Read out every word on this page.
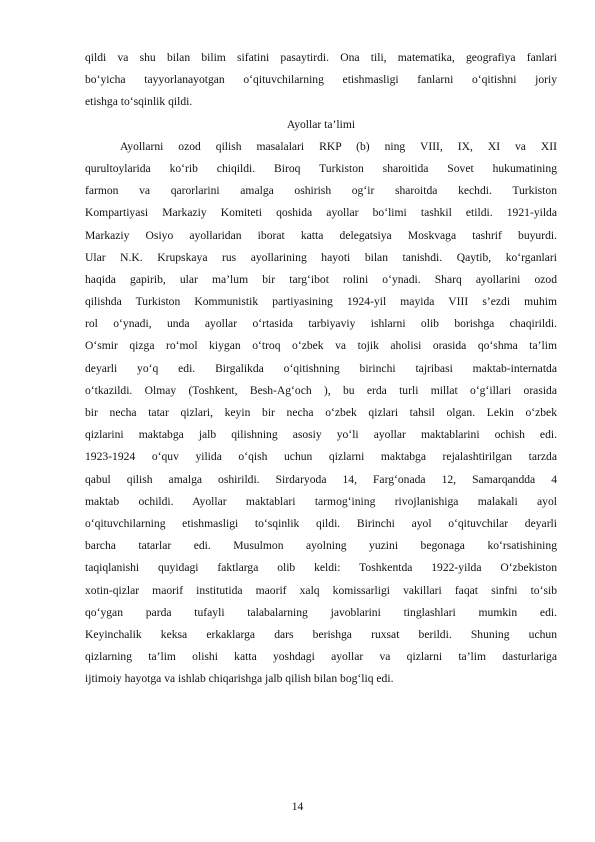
qildi va shu bilan bilim sifatini pasaytirdi. Ona tili, matematika, geografiya fanlari
bo‘yicha tayyorlanayotgan o‘qituvchilarning etishmasligi fanlarni o‘qitishni joriy
etishga to‘sqinlik qildi.
Ayollar ta’limi
Ayollarni ozod qilish masalalari RKP (b) ning VIII, IX, XI va XII
qurultoylarida ko‘rib chiqildi. Biroq Turkiston sharoitida Sovet hukumatining
farmon va qarorlarini amalga oshirish og‘ir sharoitda kechdi. Turkiston
Kompartiyasi Markaziy Komiteti qoshida ayollar bo‘limi tashkil etildi. 1921-yilda
Markaziy Osiyo ayollaridan iborat katta delegatsiya Moskvaga tashrif buyurdi.
Ular N.K. Krupskaya rus ayollarining hayoti bilan tanishdi. Qaytib, ko‘rganlari
haqida gapirib, ular ma’lum bir targ‘ibot rolini o‘ynadi. Sharq ayollarini ozod
qilishda Turkiston Kommunistik partiyasining 1924-yil mayida VIII s’ezdi muhim
rol o‘ynadi, unda ayollar o‘rtasida tarbiyaviy ishlarni olib borishga chaqirildi.
O‘smir qizga ro‘mol kiygan o‘troq o‘zbek va tojik aholisi orasida qo‘shma ta’lim
deyarli yo‘q edi. Birgalikda o‘qitishning birinchi tajribasi maktab-internatda
o‘tkazildi. Olmay (Toshkent, Besh-Ag‘och ), bu erda turli millat o‘g‘illari orasida
bir necha tatar qizlari, keyin bir necha o‘zbek qizlari tahsil olgan. Lekin o‘zbek
qizlarini maktabga jalb qilishning asosiy yo‘li ayollar maktablarini ochish edi.
1923-1924 o‘quv yilida o‘qish uchun qizlarni maktabga rejalashtirilgan tarzda
qabul qilish amalga oshirildi. Sirdaryoda 14, Farg‘onada 12, Samarqandda 4
maktab ochildi. Ayollar maktablari tarmog‘ining rivojlanishiga malakali ayol
o‘qituvchilarning etishmasligi to‘sqinlik qildi. Birinchi ayol o‘qituvchilar deyarli
barcha tatarlar edi. Musulmon ayolning yuzini begonaga ko‘rsatishining
taqiqlanishi quyidagi faktlarga olib keldi: Toshkentda 1922-yilda O‘zbekiston
xotin-qizlar maorif institutida maorif xalq komissarligi vakillari faqat sinfni to‘sib
qo‘ygan parda tufayli talabalarning javoblarini tinglashlari mumkin edi.
Keyinchalik keksa erkaklarga dars berishga ruxsat berildi. Shuning uchun
qizlarning ta’lim olishi katta yoshdagi ayollar va qizlarni ta’lim dasturlariga
ijtimoiy hayotga va ishlab chiqarishga jalb qilish bilan bog‘liq edi.
14
